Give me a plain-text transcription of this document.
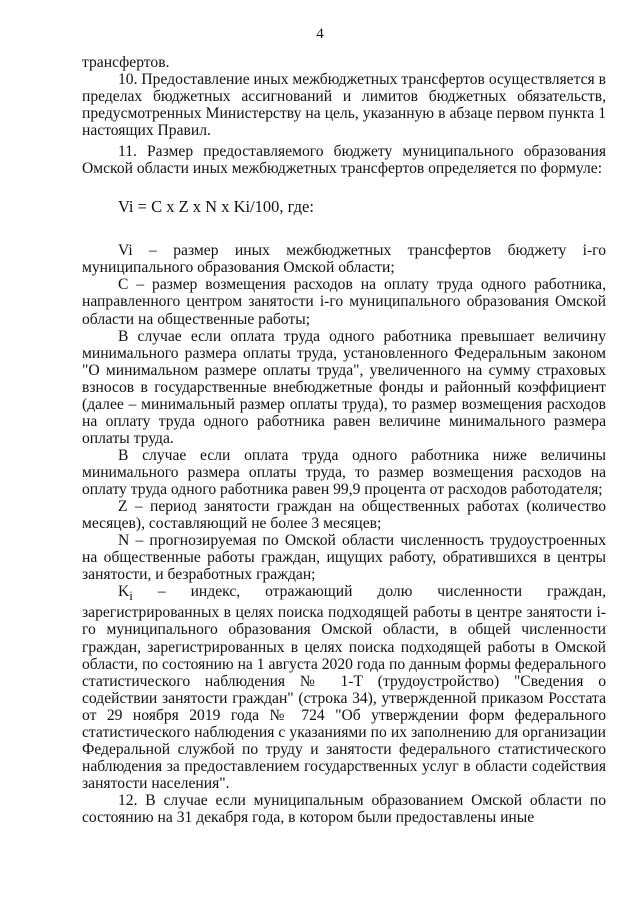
4

трансфертов.

10. Предоставление иных межбюджетных трансфертов осуществляется в пределах бюджетных ассигнований и лимитов бюджетных обязательств, предусмотренных Министерству на цель, указанную в абзаце первом пункта 1 настоящих Правил.

11. Размер предоставляемого бюджету муниципального образования Омской области иных межбюджетных трансфертов определяется по формуле:

Vi = C x Z x N x Ki/100, где:

Vi – размер иных межбюджетных трансфертов бюджету i-го муниципального образования Омской области;

C – размер возмещения расходов на оплату труда одного работника, направленного центром занятости i-го муниципального образования Омской области на общественные работы;

В случае если оплата труда одного работника превышает величину минимального размера оплаты труда, установленного Федеральным законом "О минимальном размере оплаты труда", увеличенного на сумму страховых взносов в государственные внебюджетные фонды и районный коэффициент (далее – минимальный размер оплаты труда), то размер возмещения расходов на оплату труда одного работника равен величине минимального размера оплаты труда.

В случае если оплата труда одного работника ниже величины минимального размера оплаты труда, то размер возмещения расходов на оплату труда одного работника равен 99,9 процента от расходов работодателя;

Z – период занятости граждан на общественных работах (количество месяцев), составляющий не более 3 месяцев;

N – прогнозируемая по Омской области численность трудоустроенных на общественные работы граждан, ищущих работу, обратившихся в центры занятости, и безработных граждан;

$K_i$ – индекс, отражающий долю численности граждан, зарегистрированных в целях поиска подходящей работы в центре занятости i-го муниципального образования Омской области, в общей численности граждан, зарегистрированных в целях поиска подходящей работы в Омской области, по состоянию на 1 августа 2020 года по данным формы федерального статистического наблюдения № 1-Т (трудоустройство) "Сведения о содействии занятости граждан" (строка 34), утвержденной приказом Росстата от 29 ноября 2019 года № 724 "Об утверждении форм федерального статистического наблюдения с указаниями по их заполнению для организации Федеральной службой по труду и занятости федерального статистического наблюдения за предоставлением государственных услуг в области содействия занятости населения".

12. В случае если муниципальным образованием Омской области по состоянию на 31 декабря года, в котором были предоставлены иные
